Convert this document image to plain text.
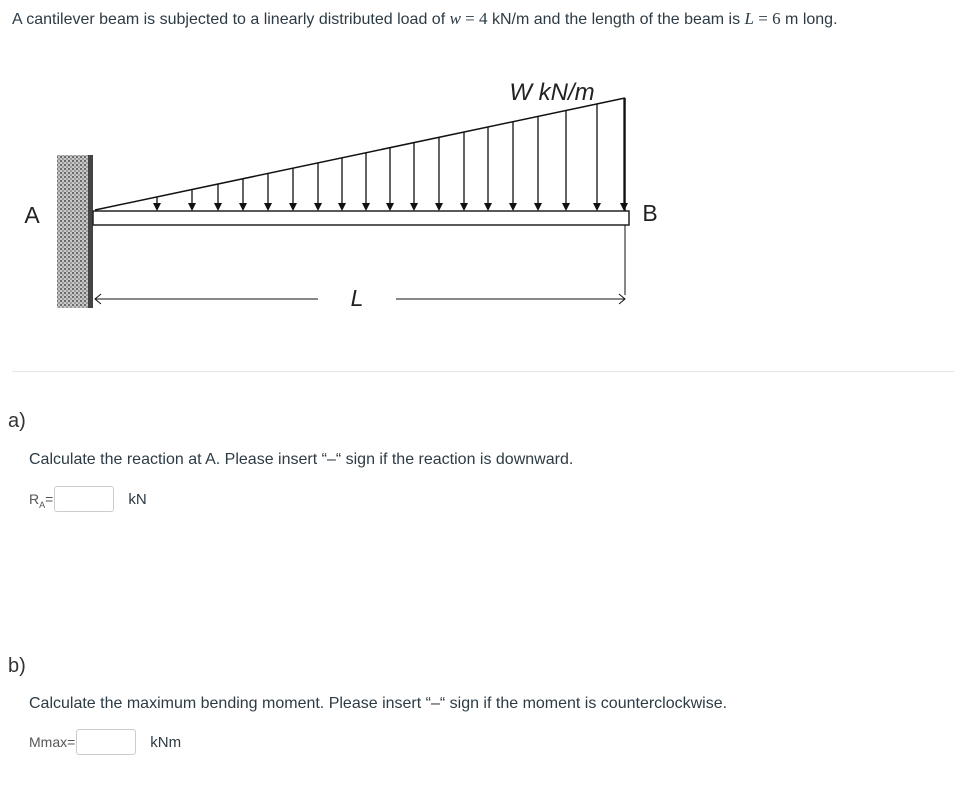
A cantilever beam is subjected to a linearly distributed load of w = 4 kN/m and the length of the beam is L = 6 m long.
W kN/m
A	B
L
a)
Calculate the reaction at A. Please insert “–“ sign if the reaction is downward.
$R_A=$	kN
b)
Calculate the maximum bending moment. Please insert “–“ sign if the moment is counterclockwise.
Mmax=	kNm
